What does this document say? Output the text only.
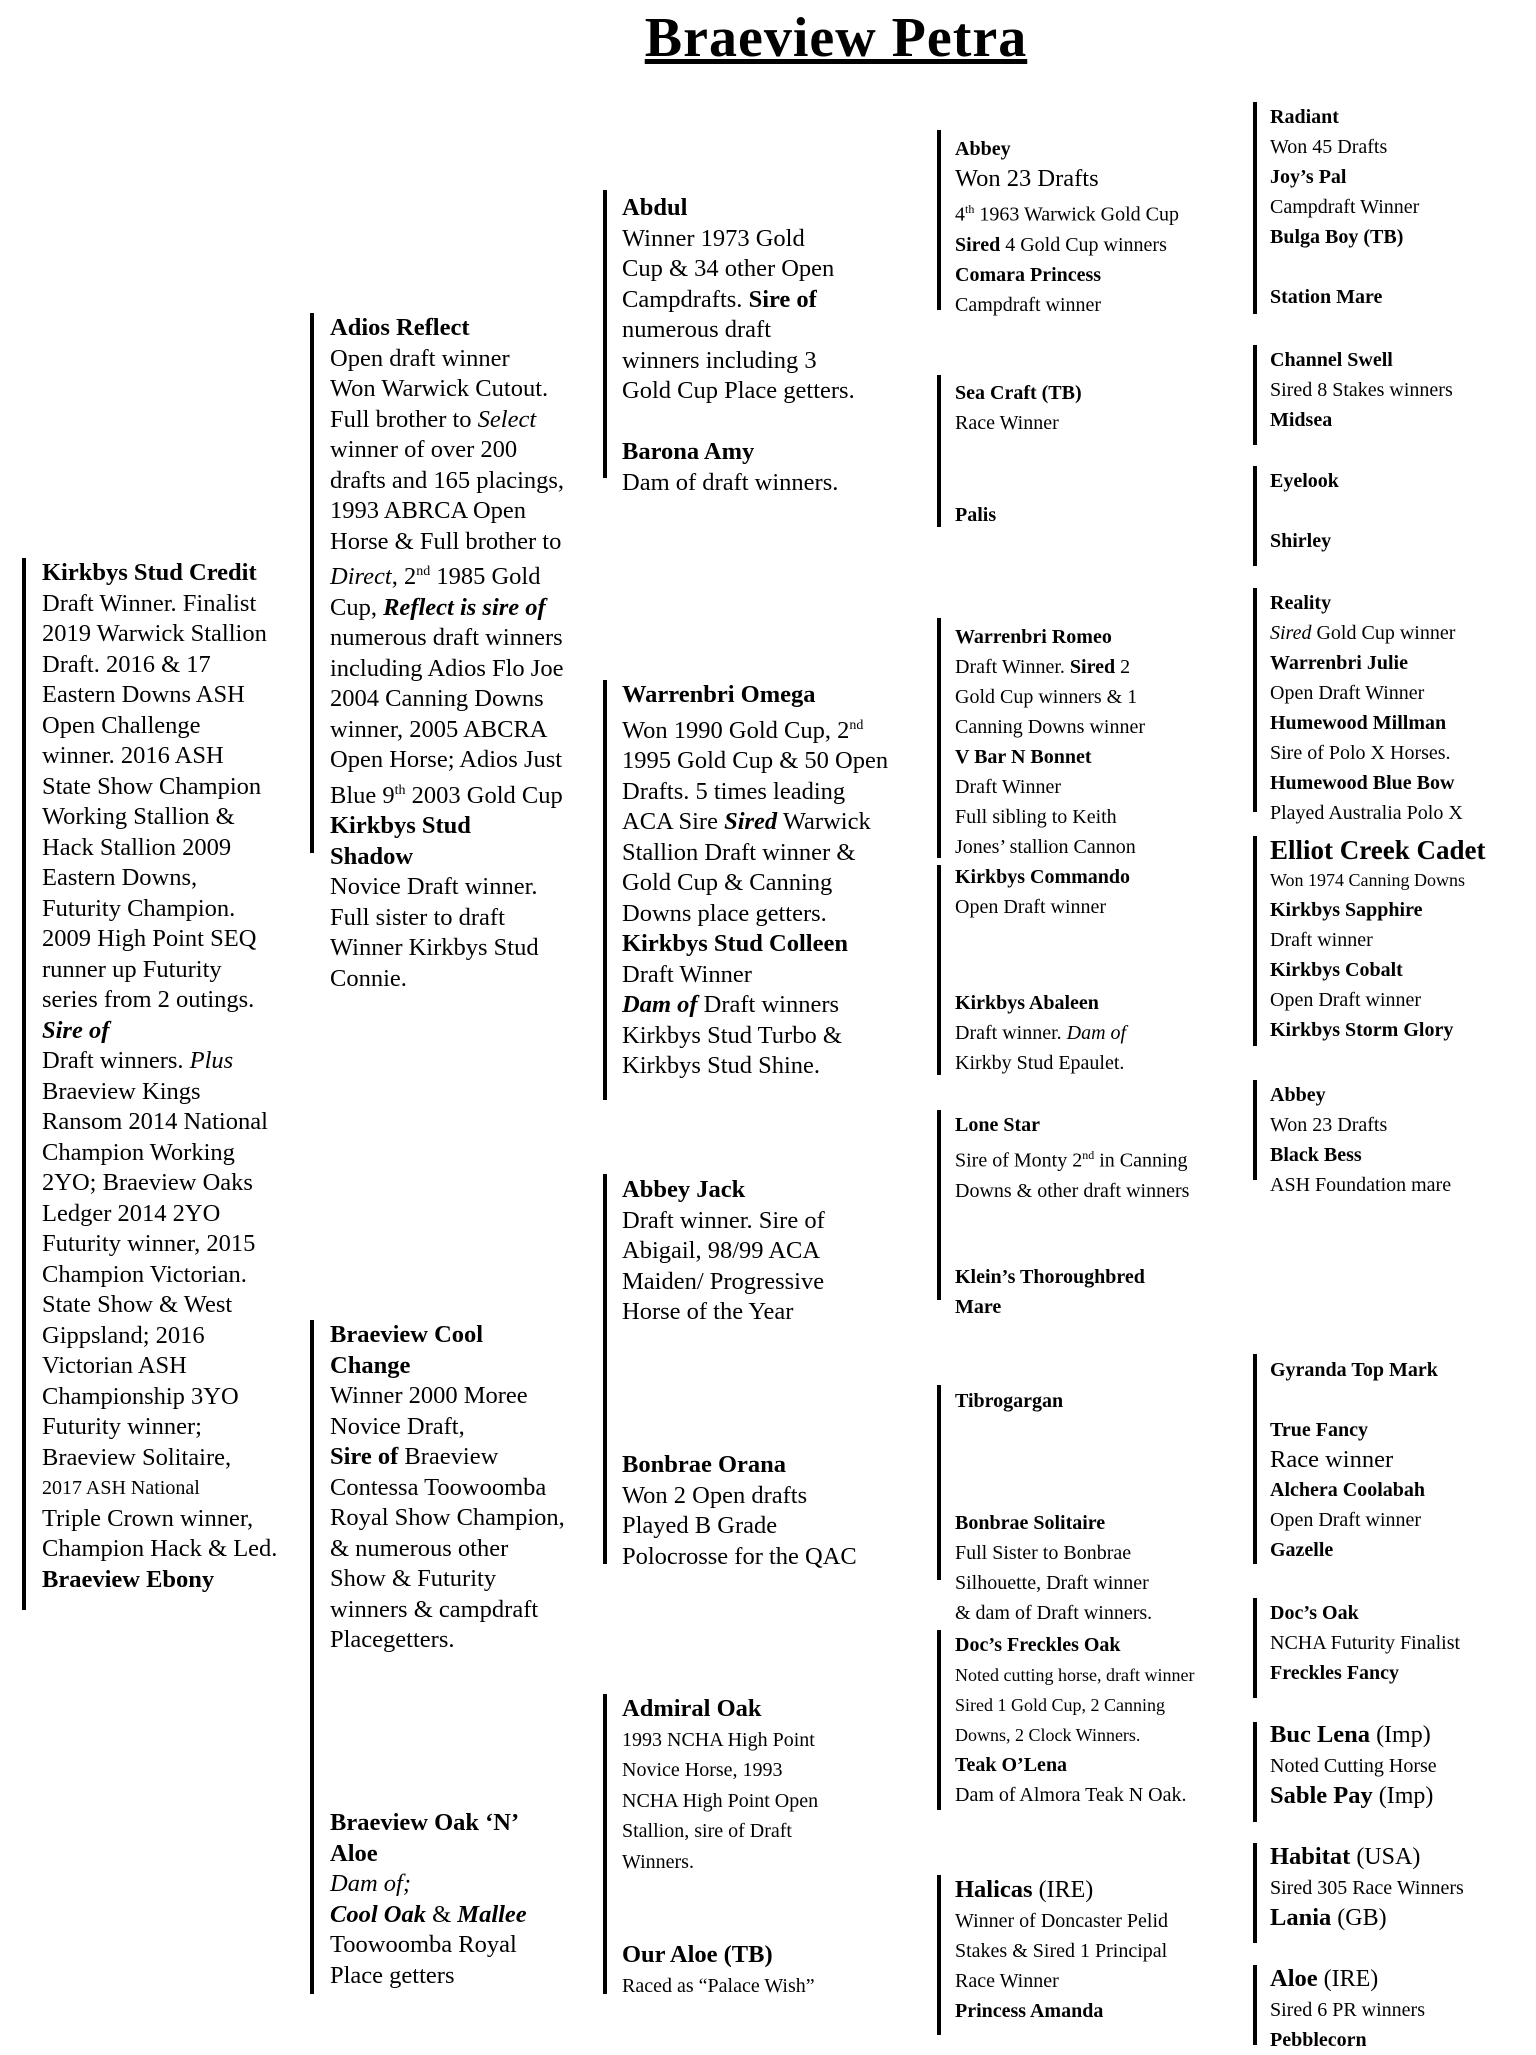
Braeview Petra
Kirkbys Stud Credit
Draft Winner. Finalist
2019 Warwick Stallion
Draft. 2016 & 17
Eastern Downs ASH
Open Challenge
winner. 2016 ASH
State Show Champion
Working Stallion &
Hack Stallion 2009
Eastern Downs,
Futurity Champion.
2009 High Point SEQ
runner up Futurity
series from 2 outings.
Sire of
Draft winners. Plus
Braeview Kings
Ransom 2014 National
Champion Working
2YO; Braeview Oaks
Ledger 2014 2YO
Futurity winner, 2015
Champion Victorian.
State Show & West
Gippsland; 2016
Victorian ASH
Championship 3YO
Futurity winner;
Braeview Solitaire,
2017 ASH National
Triple Crown winner,
Champion Hack & Led.
Braeview Ebony
Adios Reflect
Open draft winner
Won Warwick Cutout.
Full brother to Select
winner of over 200
drafts and 165 placings,
1993 ABRCA Open
Horse & Full brother to
Direct, 2nd 1985 Gold
Cup, Reflect is sire of
numerous draft winners
including Adios Flo Joe
2004 Canning Downs
winner, 2005 ABCRA
Open Horse; Adios Just
Blue 9th 2003 Gold Cup
Kirkbys Stud
Shadow
Novice Draft winner.
Full sister to draft
Winner Kirkbys Stud
Connie.
Braeview Cool
Change
Winner 2000 Moree
Novice Draft,
Sire of Braeview
Contessa Toowoomba
Royal Show Champion,
& numerous other
Show & Futurity
winners & campdraft
Placegetters.
Braeview Oak ‘N’
Aloe
Dam of;
Cool Oak & Mallee
Toowoomba Royal
Place getters
Abdul
Winner 1973 Gold
Cup & 34 other Open
Campdrafts. Sire of
numerous draft
winners including 3
Gold Cup Place getters.
Barona Amy
Dam of draft winners.
Warrenbri Omega
Won 1990 Gold Cup, 2nd
1995 Gold Cup & 50 Open
Drafts. 5 times leading
ACA Sire Sired Warwick
Stallion Draft winner &
Gold Cup & Canning
Downs place getters.
Kirkbys Stud Colleen
Draft Winner
Dam of Draft winners
Kirkbys Stud Turbo &
Kirkbys Stud Shine.
Abbey Jack
Draft winner. Sire of
Abigail, 98/99 ACA
Maiden/ Progressive
Horse of the Year
Bonbrae Orana
Won 2 Open drafts
Played B Grade
Polocrosse for the QAC
Admiral Oak
1993 NCHA High Point
Novice Horse, 1993
NCHA High Point Open
Stallion, sire of Draft
Winners.
Our Aloe (TB)
Raced as “Palace Wish”
Abbey
Won 23 Drafts
4th 1963 Warwick Gold Cup
Sired 4 Gold Cup winners
Comara Princess
Campdraft winner
Sea Craft (TB)
Race Winner
Palis
Warrenbri Romeo
Draft Winner. Sired 2
Gold Cup winners & 1
Canning Downs winner
V Bar N Bonnet
Draft Winner
Full sibling to Keith
Jones’ stallion Cannon
Kirkbys Commando
Open Draft winner
Kirkbys Abaleen
Draft winner. Dam of
Kirkby Stud Epaulet.
Lone Star
Sire of Monty 2nd in Canning
Downs & other draft winners
Klein’s Thoroughbred
Mare
Tibrogargan
Bonbrae Solitaire
Full Sister to Bonbrae
Silhouette, Draft winner
& dam of Draft winners.
Doc’s Freckles Oak
Noted cutting horse, draft winner
Sired 1 Gold Cup, 2 Canning
Downs, 2 Clock Winners.
Teak O’Lena
Dam of Almora Teak N Oak.
Halicas (IRE)
Winner of Doncaster Pelid
Stakes & Sired 1 Principal
Race Winner
Princess Amanda
Radiant
Won 45 Drafts
Joy’s Pal
Campdraft Winner
Bulga Boy (TB)

Station Mare
Channel Swell
Sired 8 Stakes winners
Midsea
Eyelook

Shirley
Reality
Sired Gold Cup winner
Warrenbri Julie
Open Draft Winner
Humewood Millman
Sire of Polo X Horses.
Humewood Blue Bow
Played Australia Polo X
Elliot Creek Cadet
Won 1974 Canning Downs
Kirkbys Sapphire
Draft winner
Kirkbys Cobalt
Open Draft winner
Kirkbys Storm Glory
Abbey
Won 23 Drafts
Black Bess
ASH Foundation mare
Gyranda Top Mark

True Fancy
Race winner
Alchera Coolabah
Open Draft winner
Gazelle
Doc’s Oak
NCHA Futurity Finalist
Freckles Fancy
Buc Lena (Imp)
Noted Cutting Horse
Sable Pay (Imp)
Habitat (USA)
Sired 305 Race Winners
Lania (GB)
Aloe (IRE)
Sired 6 PR winners
Pebblecorn
